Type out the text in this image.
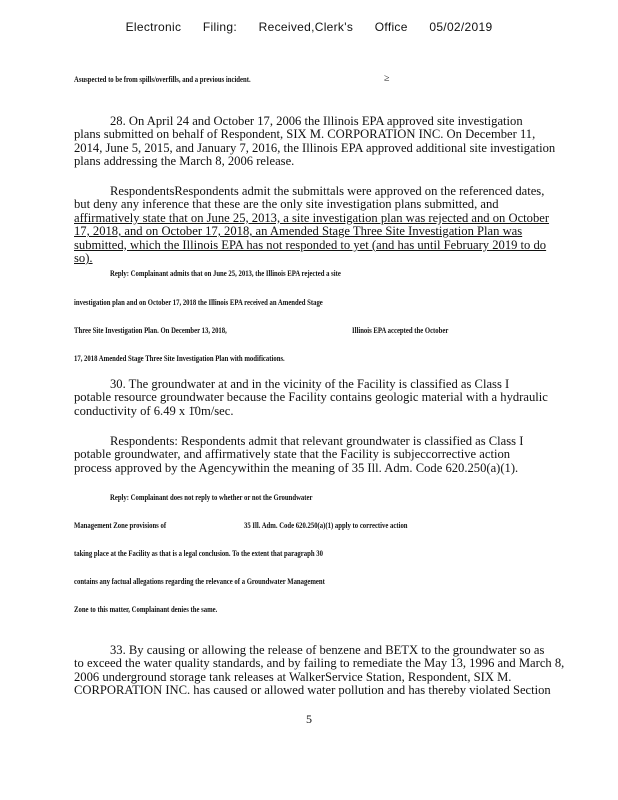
Electronic Filing: Received,Clerk's Office 05/02/2019
Asuspected to be from spills/overfills, and a previous incident.	≥
28. On April 24 and October 17, 2006 the Illinois EPA approved site investigation
plans submitted on behalf of Respondent, SIX M. CORPORATION INC. On December 11,
2014, June 5, 2015, and January 7, 2016, the Illinois EPA approved additional site investigation
plans addressing the March 8, 2006 release.
RespondentsRespondents admit the submittals were approved on the referenced dates,
but deny any inference that these are the only site investigation plans submitted, and
affirmatively state that on June 25, 2013, a site investigation plan was rejected and on October
17, 2018, and on October 17, 2018, an Amended Stage Three Site Investigation Plan was
submitted, which the Illinois EPA has not responded to yet (and has until February 2019 to do
so).
Reply: Complainant admits that on June 25, 2013, the Illinois EPA rejected a site
investigation plan and on October 17, 2018 the Illinois EPA received an Amended Stage
Three Site Investigation Plan. On December 13, 2018,	Illinois EPA accepted the October
17, 2018 Amended Stage Three Site Investigation Plan with modifications.
30. The groundwater at and in the vicinity of the Facility is classified as Class I
potable resource groundwater because the Facility contains geologic material with a hydraulic
conductivity of 6.49 x 1̄0m/sec.
Respondents: Respondents admit that relevant groundwater is classified as Class I
potable groundwater, and affirmatively state that the Facility is subjeccorrective action
process approved by the Agencywithin the meaning of 35 Ill. Adm. Code 620.250(a)(1).
Reply: Complainant does not reply to whether or not the Groundwater
Management Zone provisions of	35 Ill. Adm. Code 620.250(a)(1) apply to corrective action
taking place at the Facility as that is a legal conclusion. To the extent that paragraph 30
contains any factual allegations regarding the relevance of a Groundwater Management
Zone to this matter, Complainant denies the same.
33. By causing or allowing the release of benzene and BETX to the groundwater so as
to exceed the water quality standards, and by failing to remediate the May 13, 1996 and March 8,
2006 underground storage tank releases at WalkerService Station, Respondent, SIX M.
CORPORATION INC. has caused or allowed water pollution and has thereby violated Section
5
